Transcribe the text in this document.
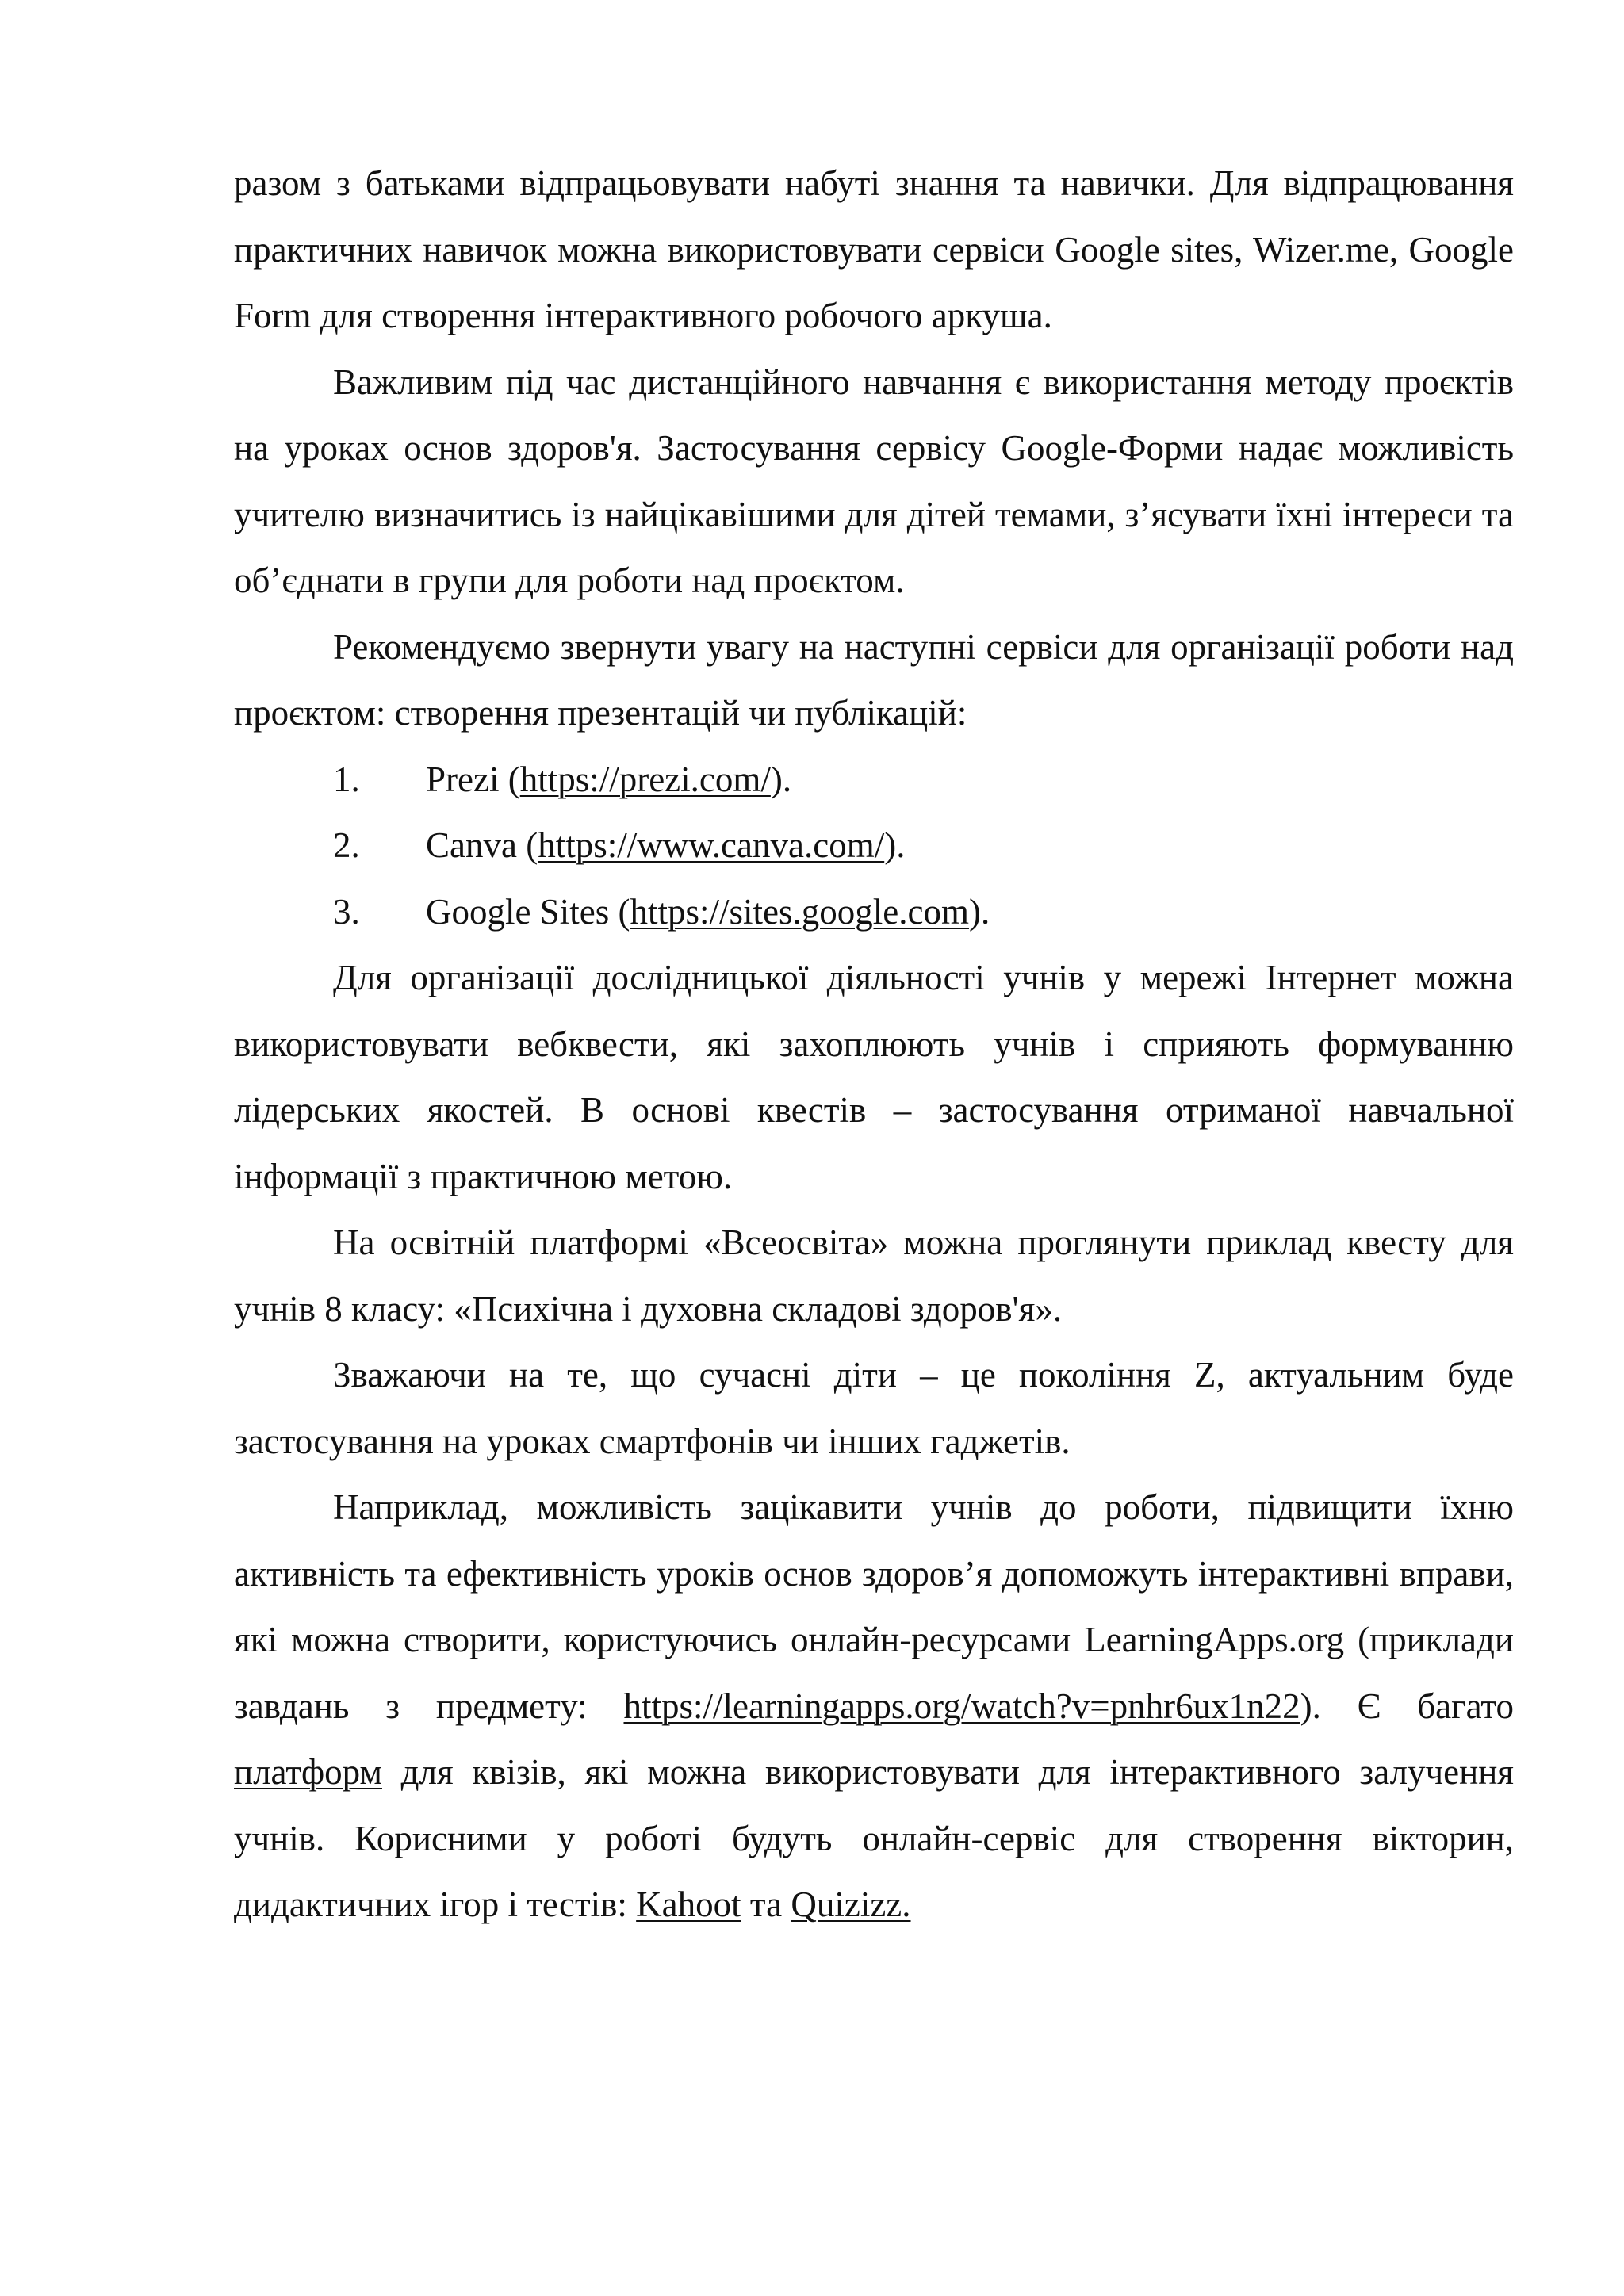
разом з батьками відпрацьовувати набуті знання та навички. Для відпрацювання практичних навичок можна використовувати сервіси Google sites, Wizer.me, Google Form для створення інтерактивного робочого аркуша.

Важливим під час дистанційного навчання є використання методу проєктів на уроках основ здоров'я. Застосування сервісу Google-Форми надає можливість учителю визначитись із найцікавішими для дітей темами, з’ясувати їхні інтереси та об’єднати в групи для роботи над проєктом.

Рекомендуємо звернути увагу на наступні сервіси для організації роботи над проєктом: створення презентацій чи публікацій:

1.	Prezi (https://prezi.com/).
2.	Canva (https://www.canva.com/).
3.	Google Sites (https://sites.google.com).

Для організації дослідницької діяльності учнів у мережі Інтернет можна використовувати вебквести, які захоплюють учнів і сприяють формуванню лідерських якостей. В основі квестів – застосування отриманої навчальної інформації з практичною метою.

На освітній платформі «Всеосвіта» можна проглянути приклад квесту для учнів 8 класу: «Психічна і духовна складові здоров'я».

Зважаючи на те, що сучасні діти – це покоління Z, актуальним буде застосування на уроках смартфонів чи інших гаджетів.

Наприклад, можливість зацікавити учнів до роботи, підвищити їхню активність та ефективність уроків основ здоров’я допоможуть інтерактивні вправи, які можна створити, користуючись онлайн-ресурсами LearningApps.org (приклади завдань з предмету: https://learningapps.org/watch?v=pnhr6ux1n22). Є багато платформ для квізів, які можна використовувати для інтерактивного залучення учнів. Корисними у роботі будуть онлайн-сервіс для створення вікторин, дидактичних ігор і тестів: Kahoot та Quizizz.
